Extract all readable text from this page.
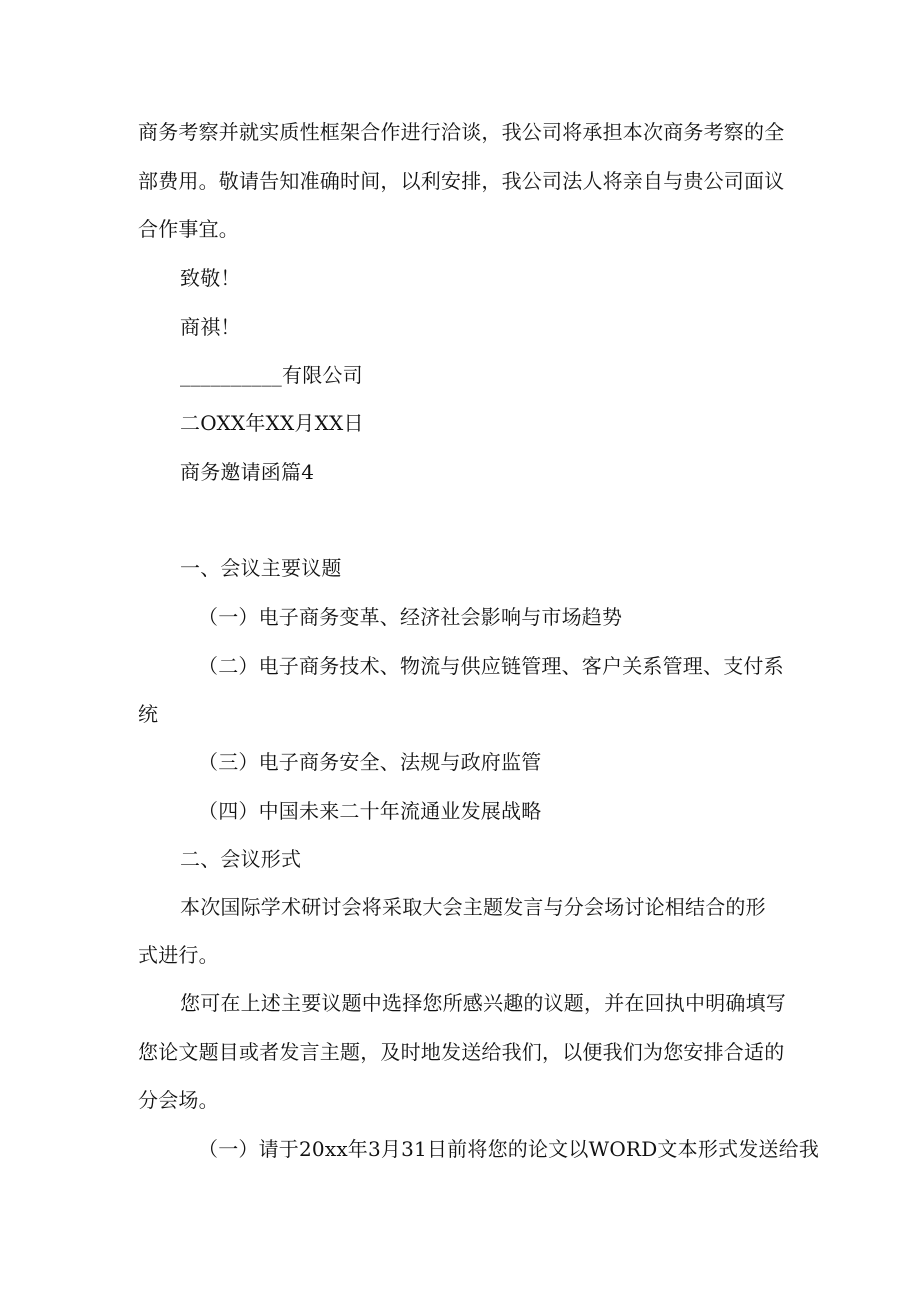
商务考察并就实质性框架合作进行洽谈，我公司将承担本次商务考察的全
部费用。敬请告知准确时间，以利安排，我公司法人将亲自与贵公司面议
合作事宜。
致敬！
商祺！
__________有限公司
二OXX年XX月XX日
商务邀请函篇4
一、会议主要议题
（一）电子商务变革、经济社会影响与市场趋势
（二）电子商务技术、物流与供应链管理、客户关系管理、支付系
统
（三）电子商务安全、法规与政府监管
（四）中国未来二十年流通业发展战略
二、会议形式
本次国际学术研讨会将采取大会主题发言与分会场讨论相结合的形
式进行。
您可在上述主要议题中选择您所感兴趣的议题，并在回执中明确填写
您论文题目或者发言主题，及时地发送给我们，以便我们为您安排合适的
分会场。
（一）请于20xx年3月31日前将您的论文以WORD文本形式发送给我
